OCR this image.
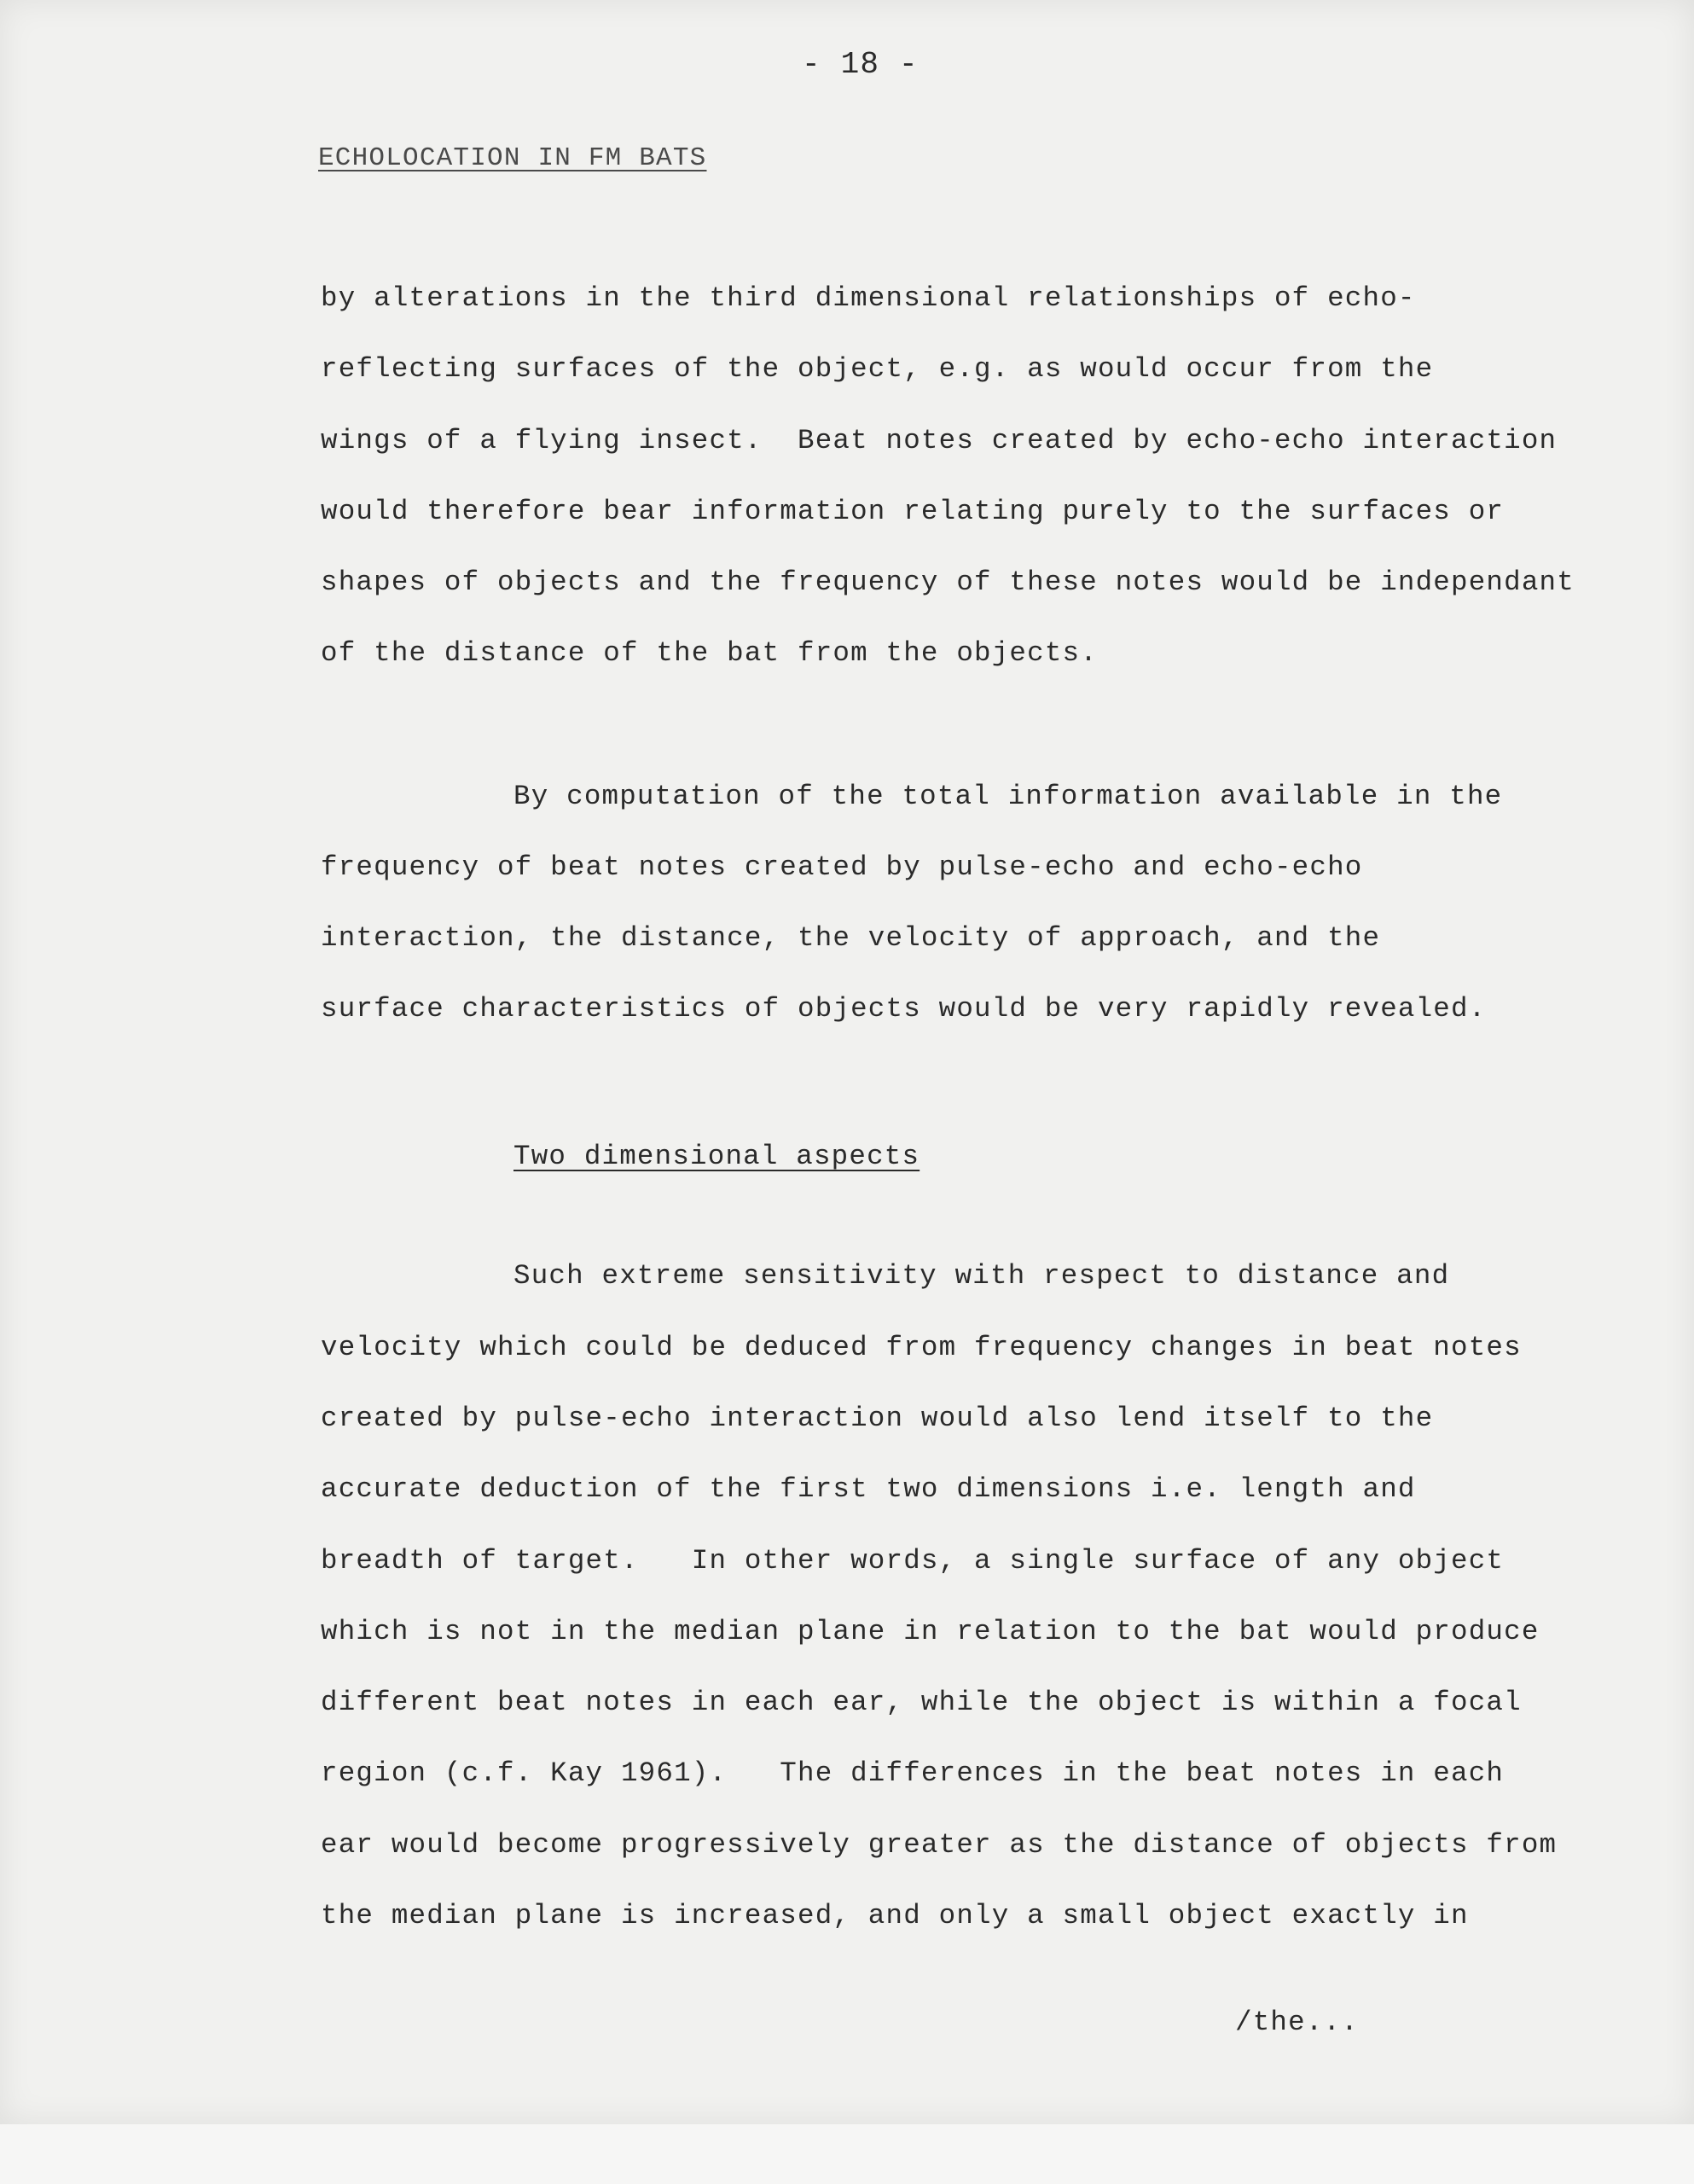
- 18 -
ECHOLOCATION IN FM BATS
by alterations in the third dimensional relationships of echo-
reflecting surfaces of the object, e.g. as would occur from the
wings of a flying insect.  Beat notes created by echo-echo interaction
would therefore bear information relating purely to the surfaces or
shapes of objects and the frequency of these notes would be independant
of the distance of the bat from the objects.
By computation of the total information available in the
frequency of beat notes created by pulse-echo and echo-echo
interaction, the distance, the velocity of approach, and the
surface characteristics of objects would be very rapidly revealed.
Two dimensional aspects
Such extreme sensitivity with respect to distance and
velocity which could be deduced from frequency changes in beat notes
created by pulse-echo interaction would also lend itself to the
accurate deduction of the first two dimensions i.e. length and
breadth of target.   In other words, a single surface of any object
which is not in the median plane in relation to the bat would produce
different beat notes in each ear, while the object is within a focal
region (c.f. Kay 1961).   The differences in the beat notes in each
ear would become progressively greater as the distance of objects from
the median plane is increased, and only a small object exactly in
/the...
